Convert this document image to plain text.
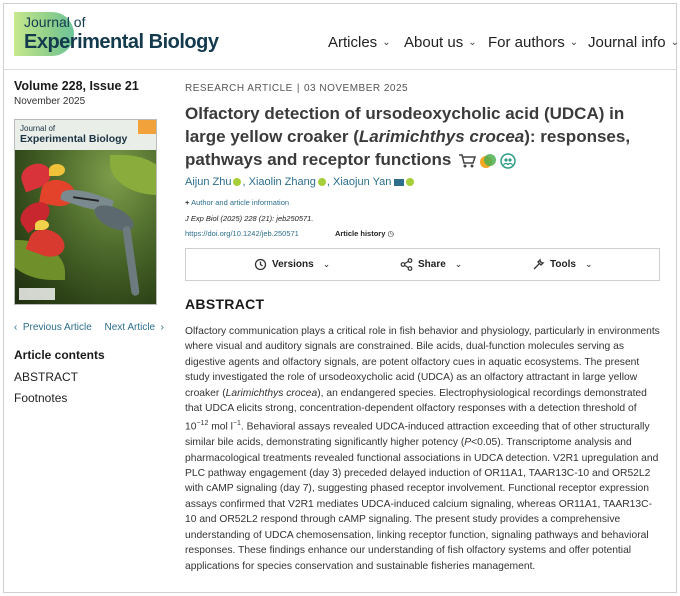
Journal of
Experimental Biology	Articles ⌄ About us ⌄ For authors ⌄ Journal info ⌄
Volume 228, Issue 21
November 2025
Journal of
Experimental Biology
‹  Previous Article Next Article  ›
Article contents
ABSTRACT
Footnotes
RESEARCH ARTICLE | 03 NOVEMBER 2025
Olfactory detection of ursodeoxycholic acid (UDCA) in large yellow croaker (Larimichthys crocea): responses, pathways and receptor functions
Aijun Zhu , Xiaolin Zhang , Xiaojun Yan
+ Author and article information
J Exp Biol (2025) 228 (21): jeb250571.
https://doi.org/10.1242/jeb.250571	Article history ◷
Versions ⌄	Share ⌄	Tools ⌄
ABSTRACT
Olfactory communication plays a critical role in fish behavior and physiology, particularly in environments where visual and auditory signals are constrained. Bile acids, dual-function molecules serving as digestive agents and olfactory signals, are potent olfactory cues in aquatic ecosystems. The present study investigated the role of ursodeoxycholic acid (UDCA) as an olfactory attractant in large yellow croaker (Larimichthys crocea), an endangered species. Electrophysiological recordings demonstrated that UDCA elicits strong, concentration-dependent olfactory responses with a detection threshold of $10^{-12}$ mol $l^{-1}$. Behavioral assays revealed UDCA-induced attraction exceeding that of other structurally similar bile acids, demonstrating significantly higher potency (P<0.05). Transcriptome analysis and pharmacological treatments revealed functional associations in UDCA detection. V2R1 upregulation and PLC pathway engagement (day 3) preceded delayed induction of OR11A1, TAAR13C-10 and OR52L2 with cAMP signaling (day 7), suggesting phased receptor involvement. Functional receptor expression assays confirmed that V2R1 mediates UDCA-induced calcium signaling, whereas OR11A1, TAAR13C-10 and OR52L2 respond through cAMP signaling. The present study provides a comprehensive understanding of UDCA chemosensation, linking receptor function, signaling pathways and behavioral responses. These findings enhance our understanding of fish olfactory systems and offer potential applications for species conservation and sustainable fisheries management.
